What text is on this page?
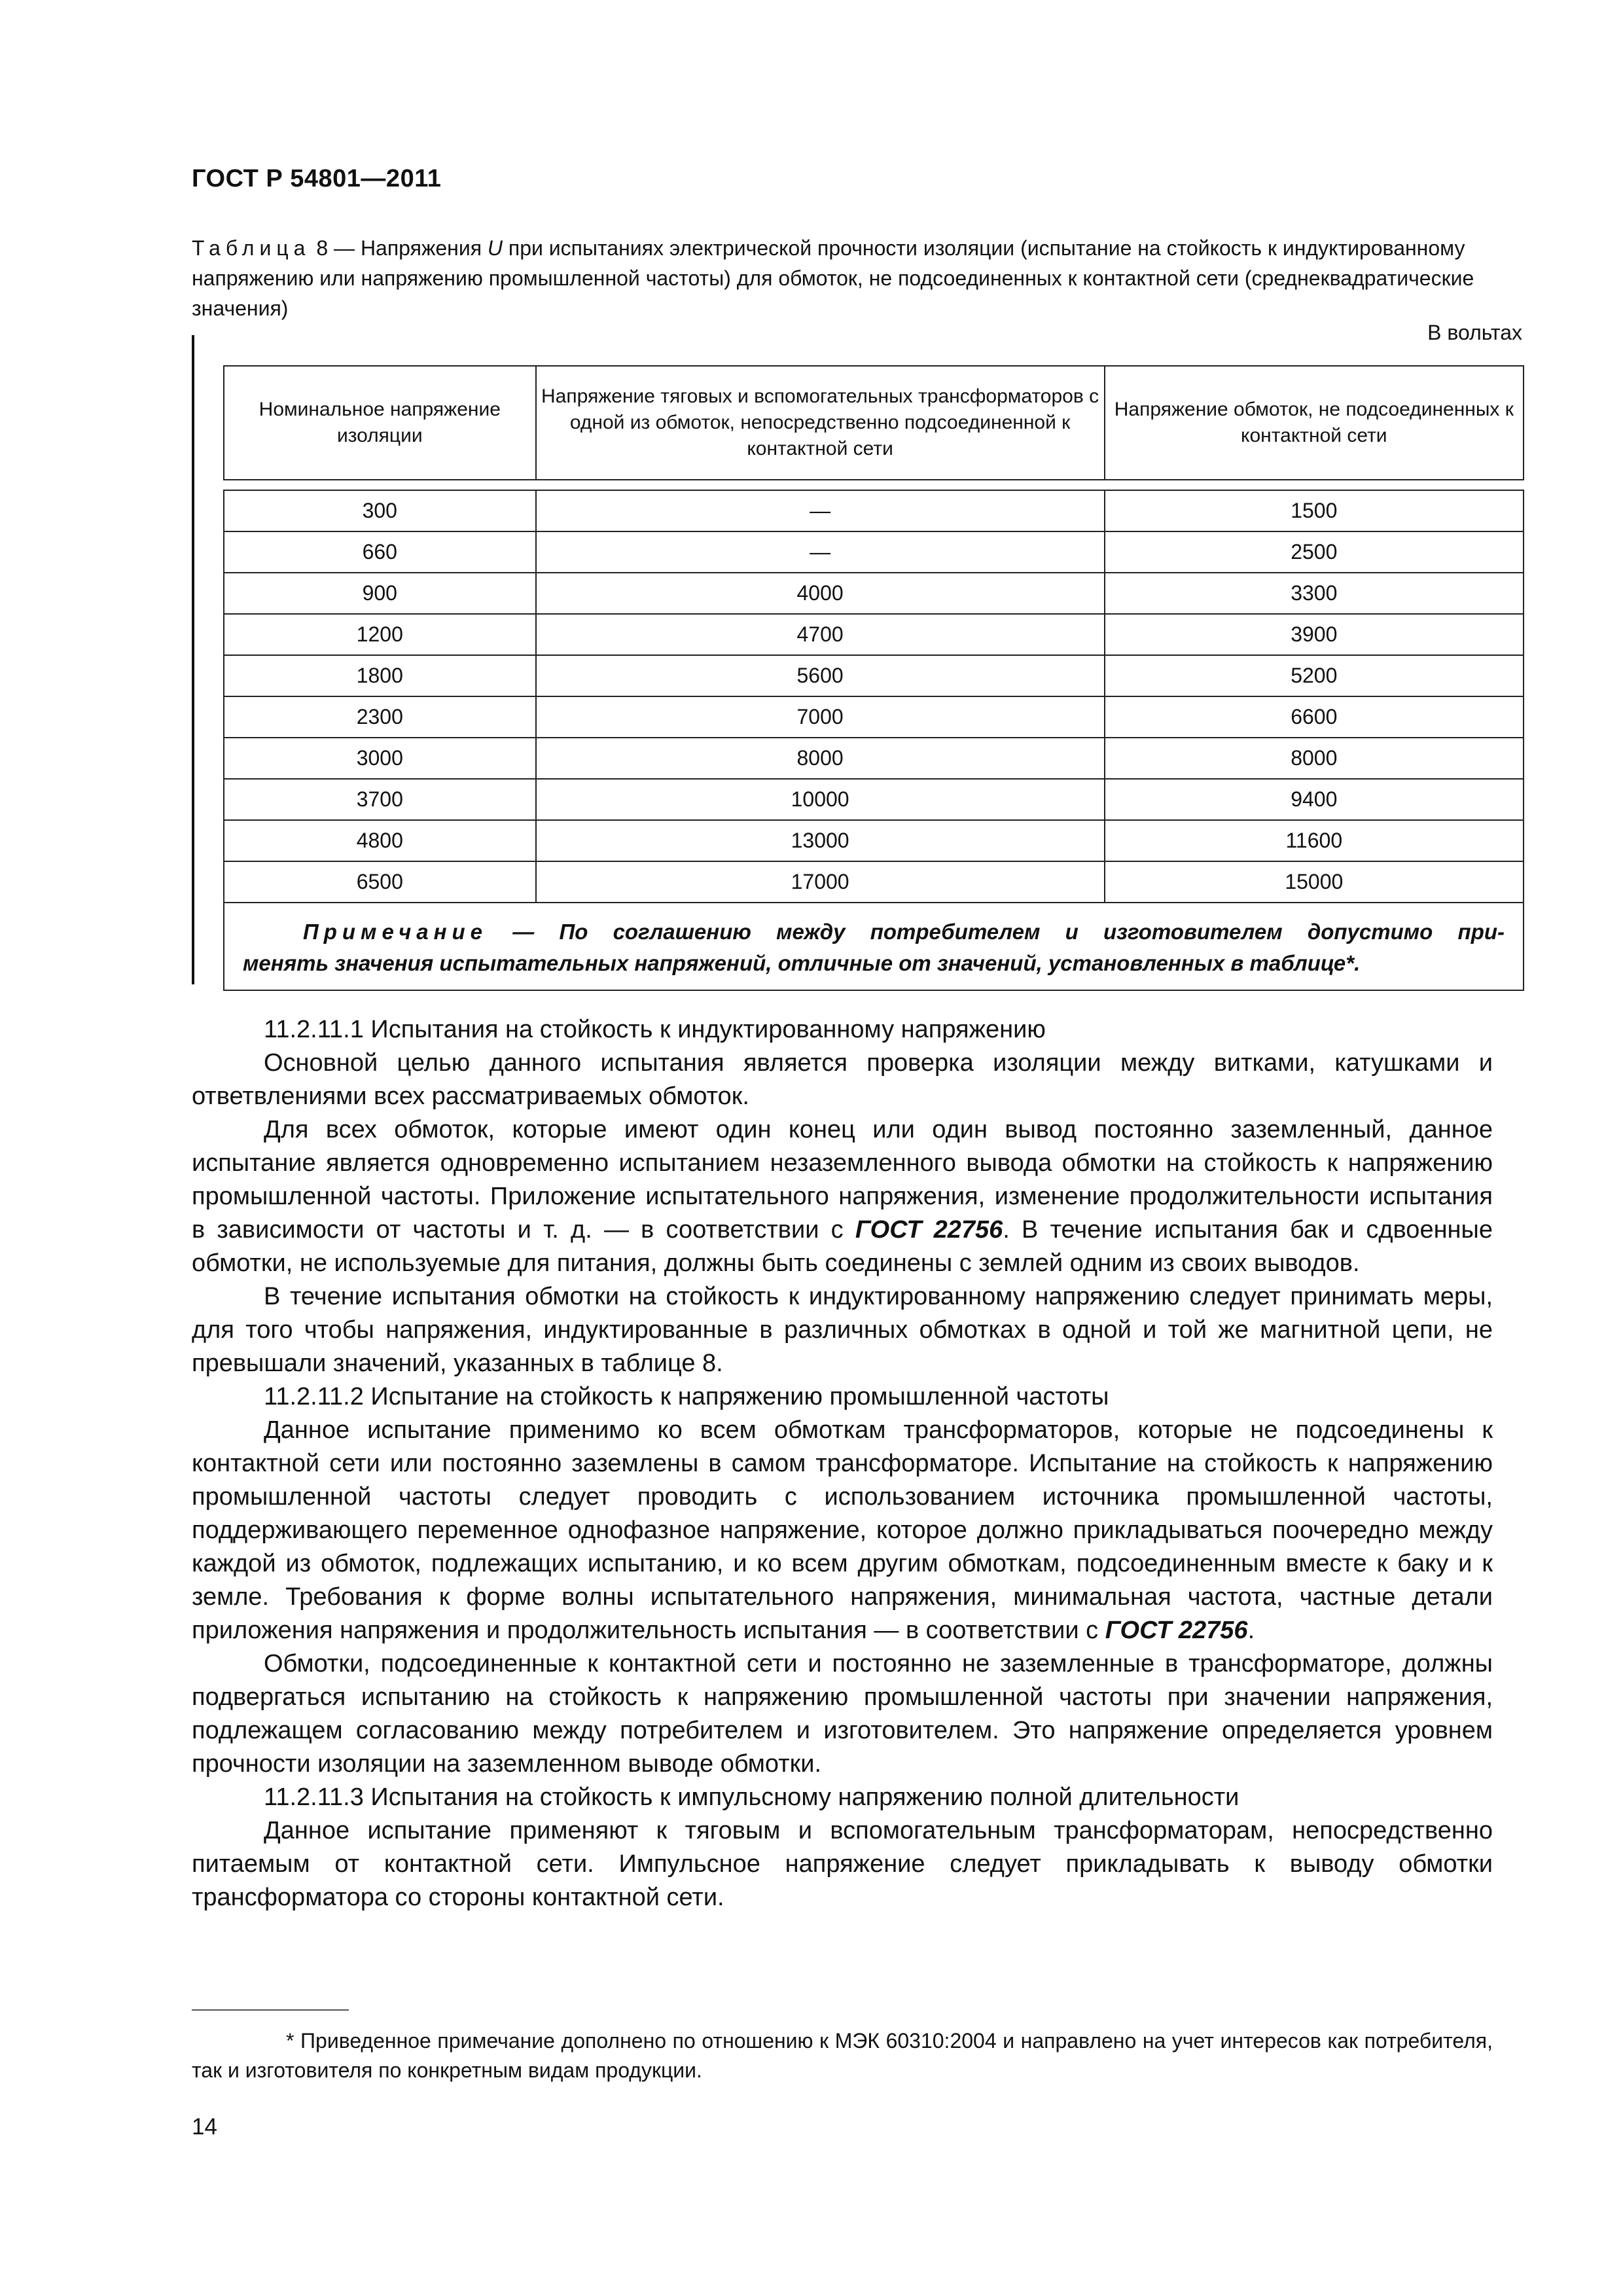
ГОСТ Р 54801—2011
Таблица 8 — Напряжения U при испытаниях электрической прочности изоляции (испытание на стойкость к индуктированному напряжению или напряжению промышленной частоты) для обмоток, не подсоединенных к контактной сети (среднеквадратические значения)
В вольтах
Номинальное напряжение изоляции	Напряжение тяговых и вспомогательных трансформаторов с одной из обмоток, непосредственно подсоединенной к контактной сети	Напряжение обмоток, не подсоединенных к контактной сети

300	—	1500
660	—	2500
900	4000	3300
1200	4700	3900
1800	5600	5200
2300	7000	6600
3000	8000	8000
3700	10000	9400
4800	13000	11600
6500	17000	15000
Примечание — По соглашению между потребителем и изготовителем допустимо при-
менять значения испытательных напряжений, отличные от значений, установленных в таблице*.		

11.2.11.1 Испытания на стойкость к индуктированному напряжению

Основной целью данного испытания является проверка изоляции между витками, катушками и ответвлениями всех рассматриваемых обмоток.

Для всех обмоток, которые имеют один конец или один вывод постоянно заземленный, данное испытание является одновременно испытанием незаземленного вывода обмотки на стойкость к напряжению промышленной частоты. Приложение испытательного напряжения, изменение продолжительности испытания в зависимости от частоты и т. д. — в соответствии с ГОСТ 22756. В течение испытания бак и сдвоенные обмотки, не используемые для питания, должны быть соединены с землей одним из своих выводов.

В течение испытания обмотки на стойкость к индуктированному напряжению следует принимать меры, для того чтобы напряжения, индуктированные в различных обмотках в одной и той же магнитной цепи, не превышали значений, указанных в таблице 8.

11.2.11.2 Испытание на стойкость к напряжению промышленной частоты

Данное испытание применимо ко всем обмоткам трансформаторов, которые не подсоединены к контактной сети или постоянно заземлены в самом трансформаторе. Испытание на стойкость к напряжению промышленной частоты следует проводить с использованием источника промышленной частоты, поддерживающего переменное однофазное напряжение, которое должно прикладываться поочередно между каждой из обмоток, подлежащих испытанию, и ко всем другим обмоткам, подсоединенным вместе к баку и к земле. Требования к форме волны испытательного напряжения, минимальная частота, частные детали приложения напряжения и продолжительность испытания — в соответствии с ГОСТ 22756.

Обмотки, подсоединенные к контактной сети и постоянно не заземленные в трансформаторе, должны подвергаться испытанию на стойкость к напряжению промышленной частоты при значении напряжения, подлежащем согласованию между потребителем и изготовителем. Это напряжение определяется уровнем прочности изоляции на заземленном выводе обмотки.

11.2.11.3 Испытания на стойкость к импульсному напряжению полной длительности

Данное испытание применяют к тяговым и вспомогательным трансформаторам, непосредственно питаемым от контактной сети. Импульсное напряжение следует прикладывать к выводу обмотки трансформатора со стороны контактной сети.

* Приведенное примечание дополнено по отношению к МЭК 60310:2004 и направлено на учет интересов как потребителя, так и изготовителя по конкретным видам продукции.
14
